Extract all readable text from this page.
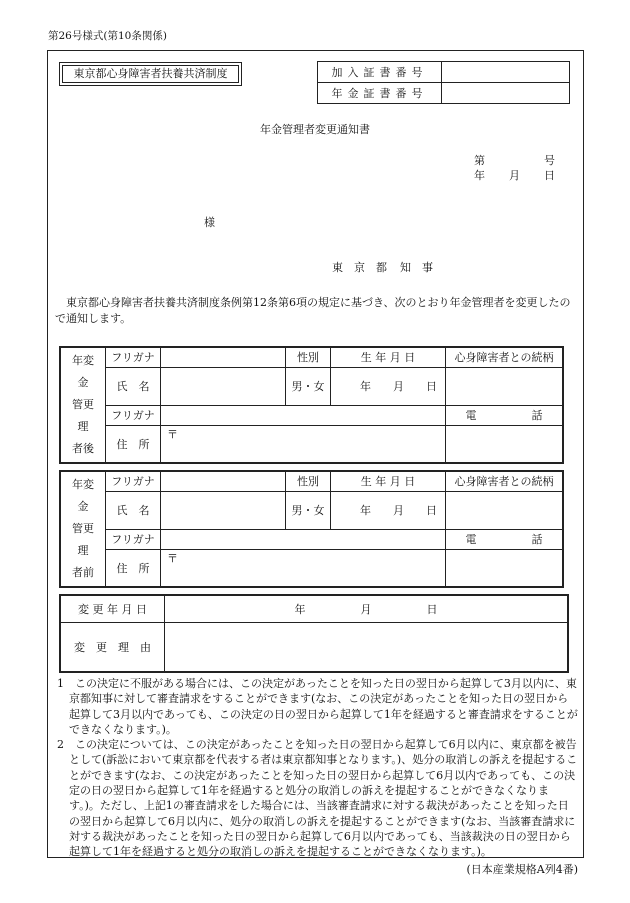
第26号様式(第10条関係)
東京都心身障害者扶養共済制度	加入証書番号	
年金証書番号	
年金管理者変更通知書
第	号
年 月 日
様
東 京 都 知 事
東京都心身障害者扶養共済制度条例第12条第6項の規定に基づき、次のとおり年金管理者を変更したので通知します。
年変
金
管更
理
者後	フリガナ		性別	生 年 月 日	心身障害者との続柄
	氏　名		男・女	年　　月　　日	
	フリガナ				電　　　　　話
	住　所	〒			
年変
金
管更
理
者前	フリガナ		性別	生 年 月 日	心身障害者との続柄
	氏　名		男・女	年　　月　　日	
	フリガナ				電　　　　　話
	住　所	〒			
変 更 年 月 日	年　　　　　月　　　　　日
変　更　理　由	

1　この決定に不服がある場合には、この決定があったことを知った日の翌日から起算して3月以内に、東京都知事に対して審査請求をすることができます(なお、この決定があったことを知った日の翌日から起算して3月以内であっても、この決定の日の翌日から起算して1年を経過すると審査請求をすることができなくなります。)。

2　この決定については、この決定があったことを知った日の翌日から起算して6月以内に、東京都を被告として(訴訟において東京都を代表する者は東京都知事となります。)、処分の取消しの訴えを提起することができます(なお、この決定があったことを知った日の翌日から起算して6月以内であっても、この決定の日の翌日から起算して1年を経過すると処分の取消しの訴えを提起することができなくなります。)。ただし、上記1の審査請求をした場合には、当該審査請求に対する裁決があったことを知った日の翌日から起算して6月以内に、処分の取消しの訴えを提起することができます(なお、当該審査請求に対する裁決があったことを知った日の翌日から起算して6月以内であっても、当該裁決の日の翌日から起算して1年を経過すると処分の取消しの訴えを提起することができなくなります。)。

(日本産業規格A列4番)
